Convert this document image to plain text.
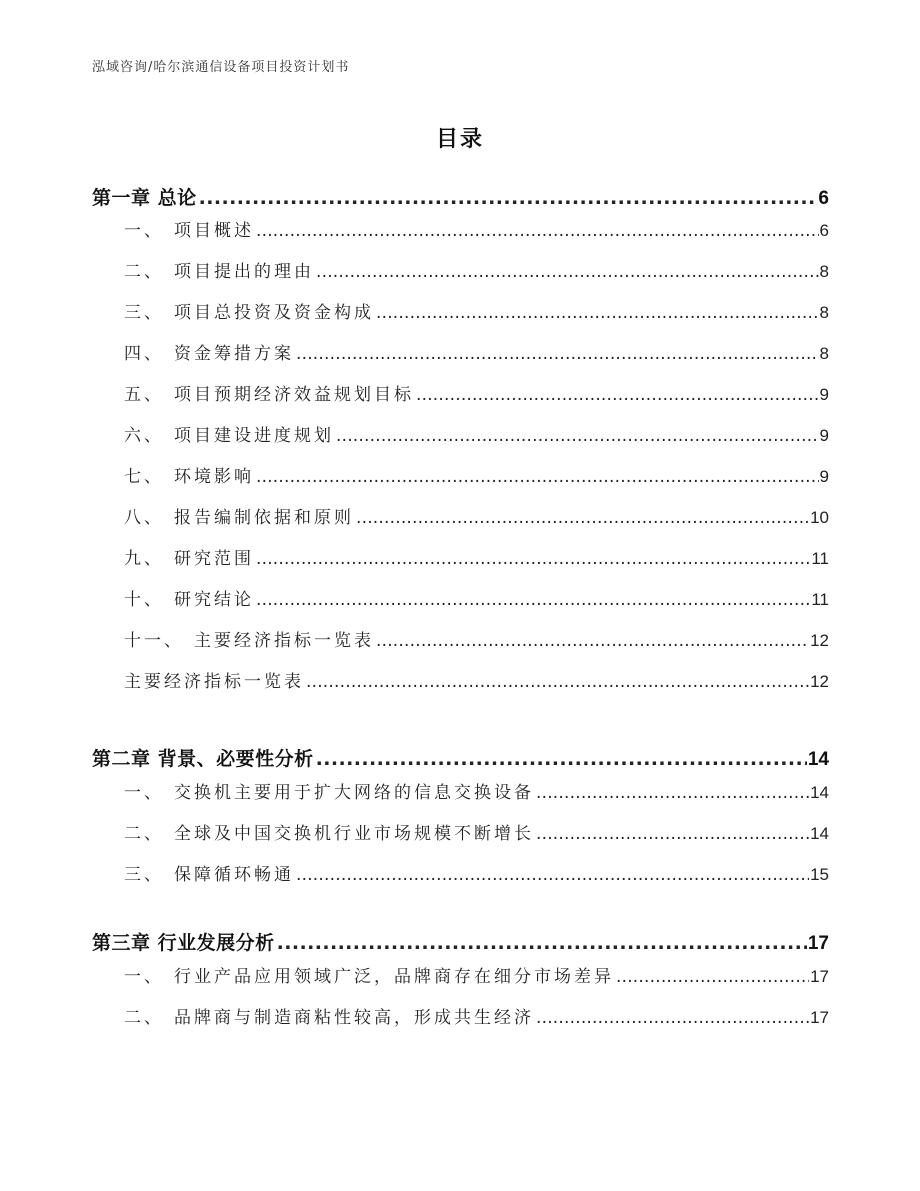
泓域咨询/哈尔滨通信设备项目投资计划书
目录
第一章 总论 .....	6
一、 项目概述 .....	6
二、 项目提出的理由 .....	8
三、 项目总投资及资金构成 .....	8
四、 资金筹措方案 .....	8
五、 项目预期经济效益规划目标 .....	9
六、 项目建设进度规划 .....	9
七、 环境影响 .....	9
八、 报告编制依据和原则 .....	10
九、 研究范围 .....	11
十、 研究结论 .....	11
十一、 主要经济指标一览表 .....	12
主要经济指标一览表 .....	12
第二章 背景、必要性分析 .....	14
一、 交换机主要用于扩大网络的信息交换设备 .....	14
二、 全球及中国交换机行业市场规模不断增长 .....	14
三、 保障循环畅通 .....	15
第三章 行业发展分析 .....	17
一、 行业产品应用领域广泛，品牌商存在细分市场差异 .....	17
二、 品牌商与制造商粘性较高，形成共生经济 .....	17
